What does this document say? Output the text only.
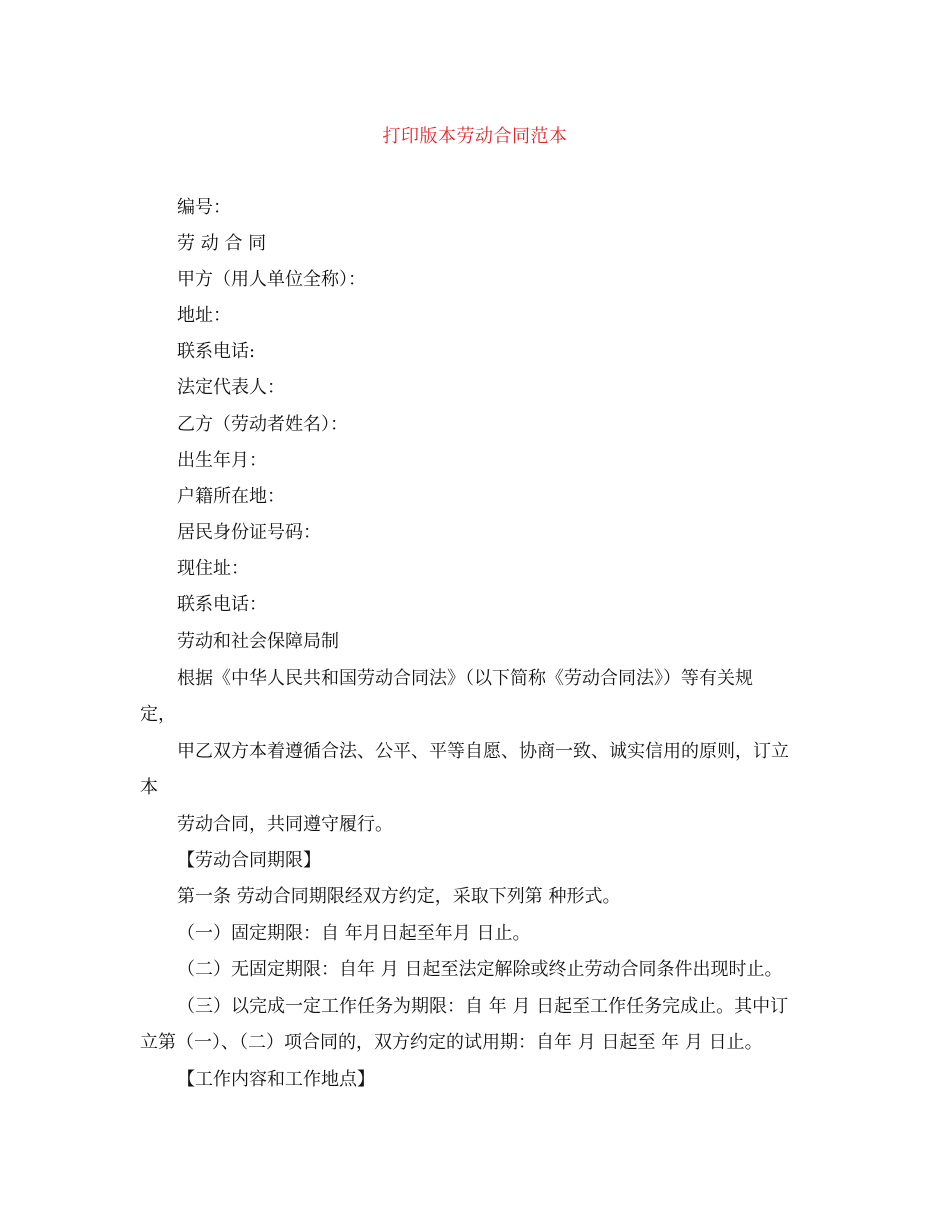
打印版本劳动合同范本
编号：
劳 动 合 同
甲方（用人单位全称）：
地址：
联系电话:
法定代表人：
乙方（劳动者姓名）：
出生年月：
户籍所在地：
居民身份证号码：
现住址：
联系电话：
劳动和社会保障局制
根据《中华人民共和国劳动合同法》（以下简称《劳动合同法》）等有关规
定，
甲乙双方本着遵循合法、公平、平等自愿、协商一致、诚实信用的原则，订立
本
劳动合同，共同遵守履行。
【劳动合同期限】
第一条 劳动合同期限经双方约定，采取下列第 种形式。
（一）固定期限：自 年月日起至年月 日止。
（二）无固定期限：自年 月 日起至法定解除或终止劳动合同条件出现时止。
（三）以完成一定工作任务为期限：自 年 月 日起至工作任务完成止。其中订
立第（一）、（二）项合同的，双方约定的试用期：自年 月 日起至 年 月 日止。
【工作内容和工作地点】
